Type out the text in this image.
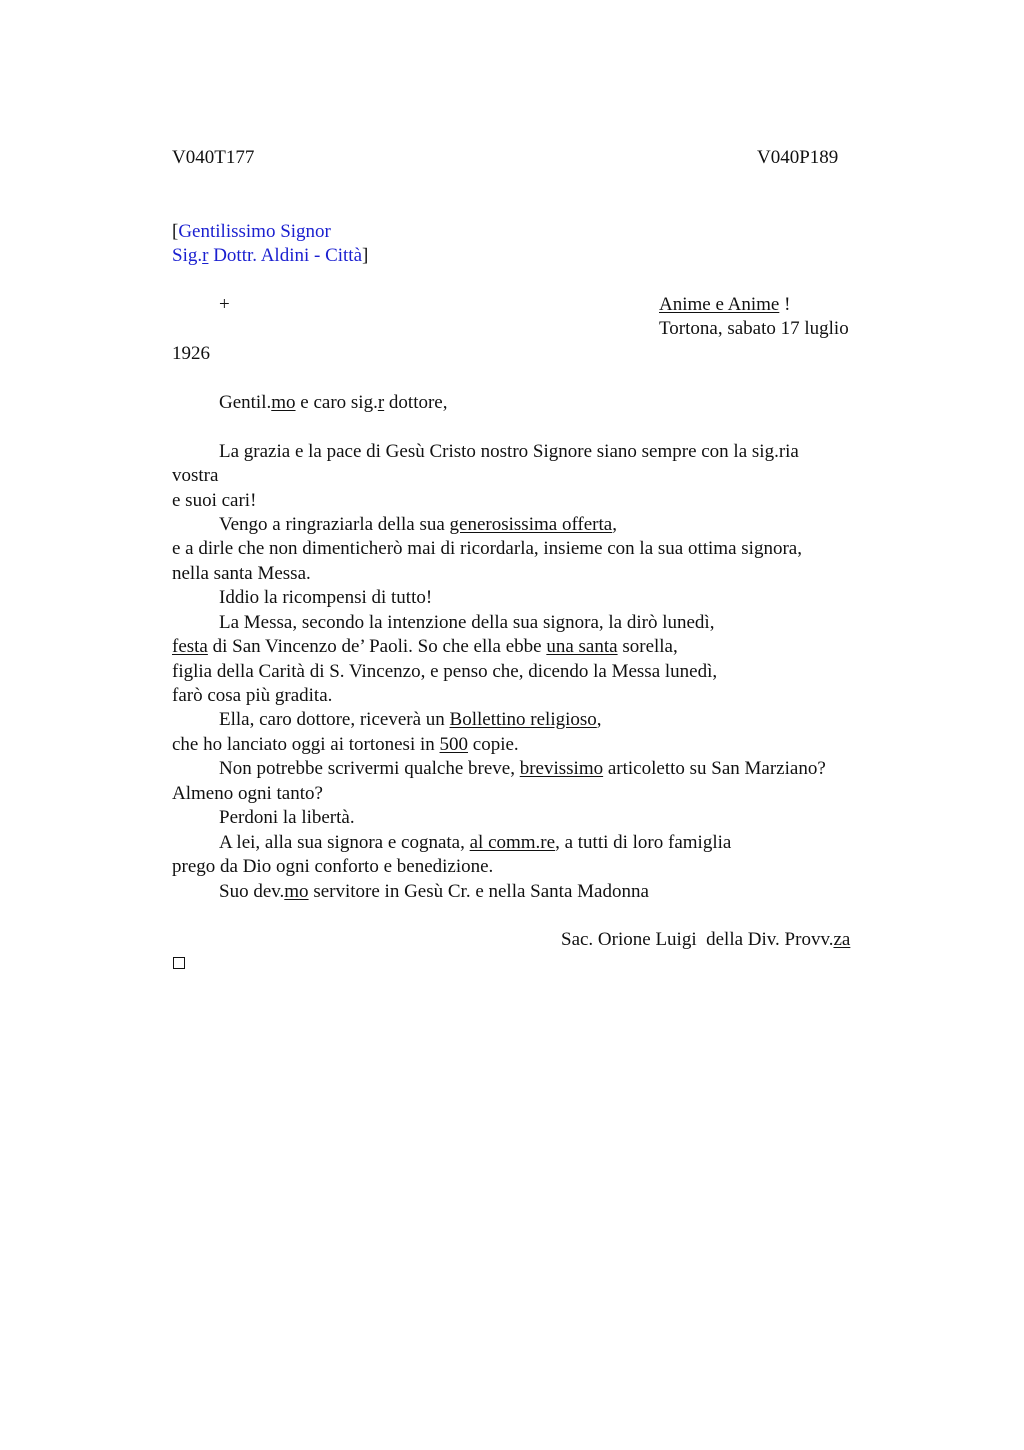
V040T177	V040P189
[Gentilissimo Signor
Sig.r Dottr. Aldini - Città]
+	Anime e Anime !
Tortona, sabato 17 luglio
1926
Gentil.mo e caro sig.r dottore,
La grazia e la pace di Gesù Cristo nostro Signore siano sempre con la sig.ria
vostra
e suoi cari!
Vengo a ringraziarla della sua generosissima offerta,
e a dirle che non dimenticherò mai di ricordarla, insieme con la sua ottima signora,
nella santa Messa.
Iddio la ricompensi di tutto!
La Messa, secondo la intenzione della sua signora, la dirò lunedì,
festa di San Vincenzo de’ Paoli. So che ella ebbe una santa sorella,
figlia della Carità di S. Vincenzo, e penso che, dicendo la Messa lunedì,
farò cosa più gradita.
Ella, caro dottore, riceverà un Bollettino religioso,
che ho lanciato oggi ai tortonesi in 500 copie.
Non potrebbe scrivermi qualche breve, brevissimo articoletto su San Marziano?
Almeno ogni tanto?
Perdoni la libertà.
A lei, alla sua signora e cognata, al comm.re, a tutti di loro famiglia
prego da Dio ogni conforto e benedizione.
Suo dev.mo servitore in Gesù Cr. e nella Santa Madonna
Sac. Orione Luigi  della Div. Provv.za
